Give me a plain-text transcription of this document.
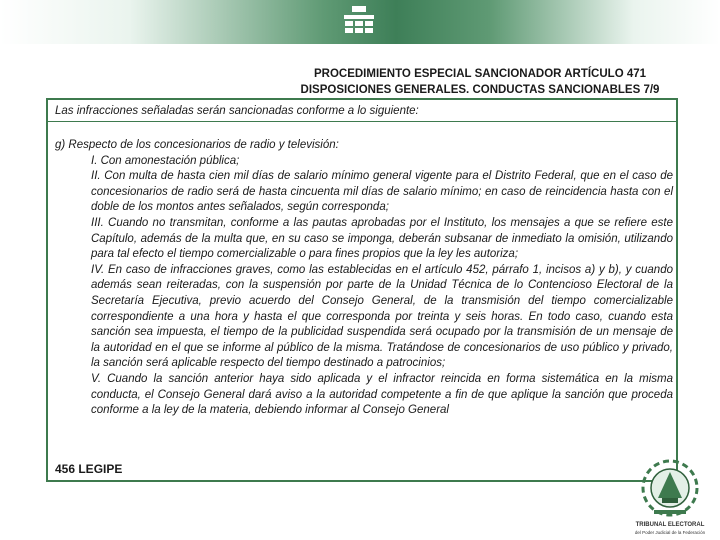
PROCEDIMIENTO ESPECIAL SANCIONADOR ARTÍCULO 471
DISPOSICIONES GENERALES. CONDUCTAS SANCIONABLES 7/9
Las infracciones señaladas serán sancionadas conforme a lo siguiente:

g) Respecto de los concesionarios de radio y televisión:

I. Con amonestación pública;

II. Con multa de hasta cien mil días de salario mínimo general vigente para el Distrito Federal, que en el caso de concesionarios de radio será de hasta cincuenta mil días de salario mínimo; en caso de reincidencia hasta con el doble de los montos antes señalados, según corresponda;

III. Cuando no transmitan, conforme a las pautas aprobadas por el Instituto, los mensajes a que se refiere este Capítulo, además de la multa que, en su caso se imponga, deberán subsanar de inmediato la omisión, utilizando para tal efecto el tiempo comercializable o para fines propios que la ley les autoriza;

IV. En caso de infracciones graves, como las establecidas en el artículo 452, párrafo 1, incisos a) y b), y cuando además sean reiteradas, con la suspensión por parte de la Unidad Técnica de lo Contencioso Electoral de la Secretaría Ejecutiva, previo acuerdo del Consejo General, de la transmisión del tiempo comercializable correspondiente a una hora y hasta el que corresponda por treinta y seis horas. En todo caso, cuando esta sanción sea impuesta, el tiempo de la publicidad suspendida será ocupado por la transmisión de un mensaje de la autoridad en el que se informe al público de la misma. Tratándose de concesionarios de uso público y privado, la sanción será aplicable respecto del tiempo destinado a patrocinios;

V. Cuando la sanción anterior haya sido aplicada y el infractor reincida en forma sistemática en la misma conducta, el Consejo General dará aviso a la autoridad competente a fin de que aplique la sanción que proceda conforme a la ley de la materia, debiendo informar al Consejo General

456 LEGIPE
TRIBUNAL ELECTORAL
del Poder Judicial de la Federación
